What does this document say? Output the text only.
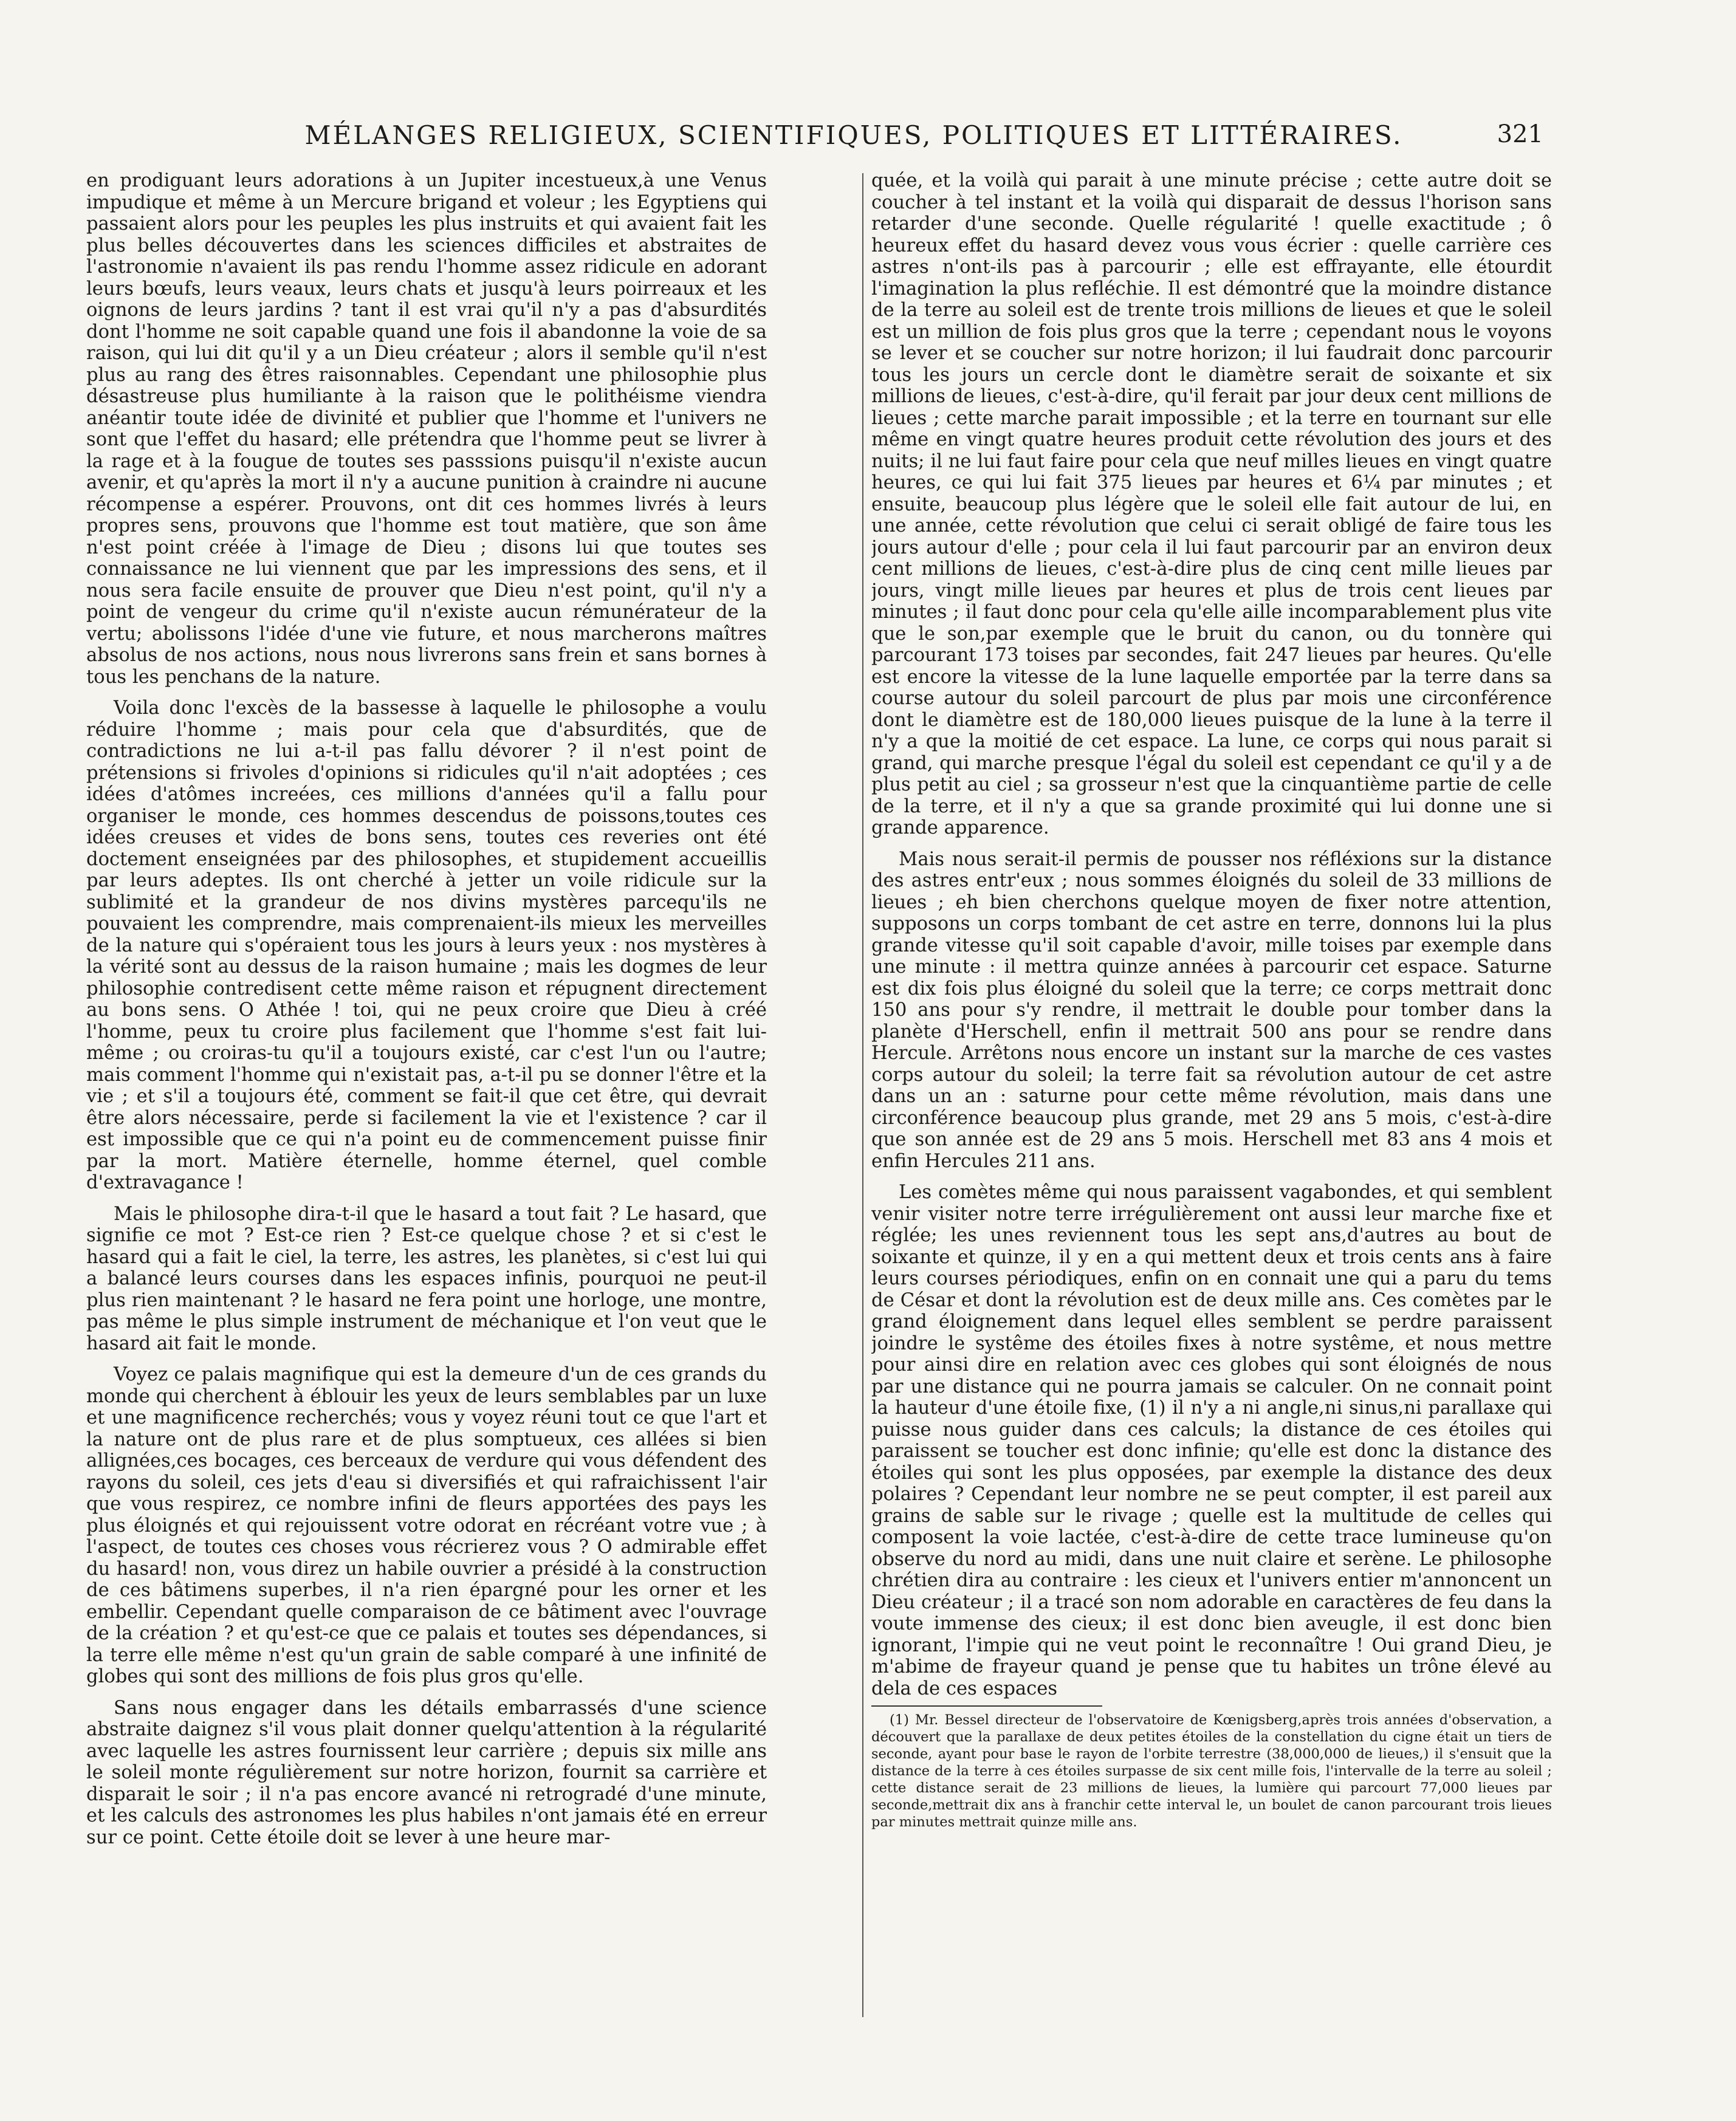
MÉLANGES RELIGIEUX, SCIENTIFIQUES, POLITIQUES ET LITTÉRAIRES.	321

en prodiguant leurs adorations à un Jupiter incestueux,à une Venus impudique et même à un Mercure brigand et voleur ; les Egyptiens qui passaient alors pour les peuples les plus instruits et qui avaient fait les plus belles découvertes dans les sciences difficiles et abstraites de l'astronomie n'avaient ils pas rendu l'homme assez ridicule en adorant leurs bœufs, leurs veaux, leurs chats et jusqu'à leurs poirreaux et les oignons de leurs jardins ? tant il est vrai qu'il n'y a pas d'absurdités dont l'homme ne soit capable quand une fois il abandonne la voie de sa raison, qui lui dit qu'il y a un Dieu créateur ; alors il semble qu'il n'est plus au rang des êtres raisonnables. Cependant une philosophie plus désastreuse plus humiliante à la raison que le polithéisme viendra anéantir toute idée de divinité et publier que l'homme et l'univers ne sont que l'effet du hasard; elle prétendra que l'homme peut se livrer à la rage et à la fougue de toutes ses passsions puisqu'il n'existe aucun avenir, et qu'après la mort il n'y a aucune punition à craindre ni aucune récompense a espérer. Prouvons, ont dit ces hommes livrés à leurs propres sens, prouvons que l'homme est tout matière, que son âme n'est point créée à l'image de Dieu ; disons lui que toutes ses connaissance ne lui viennent que par les impressions des sens, et il nous sera facile ensuite de prouver que Dieu n'est point, qu'il n'y a point de vengeur du crime qu'il n'existe aucun rémunérateur de la vertu; abolissons l'idée d'une vie future, et nous marcherons maîtres absolus de nos actions, nous nous livrerons sans frein et sans bornes à tous les penchans de la nature.

Voila donc l'excès de la bassesse à laquelle le philosophe a voulu réduire l'homme ; mais pour cela que d'absurdités, que de contradictions ne lui a-t-il pas fallu dévorer ? il n'est point de prétensions si frivoles d'opinions si ridicules qu'il n'ait adoptées ; ces idées d'atômes increées, ces millions d'années qu'il a fallu pour organiser le monde, ces hommes descendus de poissons,toutes ces idées creuses et vides de bons sens, toutes ces reveries ont été doctement enseignées par des philosophes, et stupidement accueillis par leurs adeptes. Ils ont cherché à jetter un voile ridicule sur la sublimité et la grandeur de nos divins mystères parcequ'ils ne pouvaient les comprendre, mais comprenaient-ils mieux les merveilles de la nature qui s'opéraient tous les jours à leurs yeux : nos mystères à la vérité sont au dessus de la raison humaine ; mais les dogmes de leur philosophie contredisent cette même raison et répugnent directement au bons sens. O Athée ! toi, qui ne peux croire que Dieu à créé l'homme, peux tu croire plus facilement que l'homme s'est fait lui-même ; ou croiras-tu qu'il a toujours existé, car c'est l'un ou l'autre; mais comment l'homme qui n'existait pas, a-t-il pu se donner l'être et la vie ; et s'il a toujours été, comment se fait-il que cet être, qui devrait être alors nécessaire, perde si facilement la vie et l'existence ? car il est impossible que ce qui n'a point eu de commencement puisse finir par la mort. Matière éternelle, homme éternel, quel comble d'extravagance !

Mais le philosophe dira-t-il que le hasard a tout fait ? Le hasard, que signifie ce mot ? Est-ce rien ? Est-ce quelque chose ? et si c'est le hasard qui a fait le ciel, la terre, les astres, les planètes, si c'est lui qui a balancé leurs courses dans les espaces infinis, pourquoi ne peut-il plus rien maintenant ? le hasard ne fera point une horloge, une montre, pas même le plus simple instrument de méchanique et l'on veut que le hasard ait fait le monde.

Voyez ce palais magnifique qui est la demeure d'un de ces grands du monde qui cherchent à éblouir les yeux de leurs semblables par un luxe et une magnificence recherchés; vous y voyez réuni tout ce que l'art et la nature ont de plus rare et de plus somptueux, ces allées si bien allignées,ces bocages, ces berceaux de verdure qui vous défendent des rayons du soleil, ces jets d'eau si diversifiés et qui rafraichissent l'air que vous respirez, ce nombre infini de fleurs apportées des pays les plus éloignés et qui rejouissent votre odorat en récréant votre vue ; à l'aspect, de toutes ces choses vous récrierez vous ? O admirable effet du hasard! non, vous direz un habile ouvrier a présidé à la construction de ces bâtimens superbes, il n'a rien épargné pour les orner et les embellir. Cependant quelle comparaison de ce bâtiment avec l'ouvrage de la création ? et qu'est-ce que ce palais et toutes ses dépendances, si la terre elle même n'est qu'un grain de sable comparé à une infinité de globes qui sont des millions de fois plus gros qu'elle.

Sans nous engager dans les détails embarrassés d'une science abstraite daignez s'il vous plait donner quelqu'attention à la régularité avec laquelle les astres fournissent leur carrière ; depuis six mille ans le soleil monte régulièrement sur notre horizon, fournit sa carrière et disparait le soir ; il n'a pas encore avancé ni retrogradé d'une minute, et les calculs des astronomes les plus habiles n'ont jamais été en erreur sur ce point. Cette étoile doit se lever à une heure mar-

quée, et la voilà qui parait à une minute précise ; cette autre doit se coucher à tel instant et la voilà qui disparait de dessus l'horison sans retarder d'une seconde. Quelle régularité ! quelle exactitude ; ô heureux effet du hasard devez vous vous écrier : quelle carrière ces astres n'ont-ils pas à parcourir ; elle est effrayante, elle étourdit l'imagination la plus refléchie. Il est démontré que la moindre distance de la terre au soleil est de trente trois millions de lieues et que le soleil est un million de fois plus gros que la terre ; cependant nous le voyons se lever et se coucher sur notre horizon; il lui faudrait donc parcourir tous les jours un cercle dont le diamètre serait de soixante et six millions de lieues, c'est-à-dire, qu'il ferait par jour deux cent millions de lieues ; cette marche parait impossible ; et la terre en tournant sur elle même en vingt quatre heures produit cette révolution des jours et des nuits; il ne lui faut faire pour cela que neuf milles lieues en vingt quatre heures, ce qui lui fait 375 lieues par heures et 6¼ par minutes ; et ensuite, beaucoup plus légère que le soleil elle fait autour de lui, en une année, cette révolution que celui ci serait obligé de faire tous les jours autour d'elle ; pour cela il lui faut parcourir par an environ deux cent millions de lieues, c'est-à-dire plus de cinq cent mille lieues par jours, vingt mille lieues par heures et plus de trois cent lieues par minutes ; il faut donc pour cela qu'elle aille incomparablement plus vite que le son,par exemple que le bruit du canon, ou du tonnère qui parcourant 173 toises par secondes, fait 247 lieues par heures. Qu'elle est encore la vitesse de la lune laquelle emportée par la terre dans sa course autour du soleil parcourt de plus par mois une circonférence dont le diamètre est de 180,000 lieues puisque de la lune à la terre il n'y a que la moitié de cet espace. La lune, ce corps qui nous parait si grand, qui marche presque l'égal du soleil est cependant ce qu'il y a de plus petit au ciel ; sa grosseur n'est que la cinquantième partie de celle de la terre, et il n'y a que sa grande proximité qui lui donne une si grande apparence.

Mais nous serait-il permis de pousser nos réfléxions sur la distance des astres entr'eux ; nous sommes éloignés du soleil de 33 millions de lieues ; eh bien cherchons quelque moyen de fixer notre attention, supposons un corps tombant de cet astre en terre, donnons lui la plus grande vitesse qu'il soit capable d'avoir, mille toises par exemple dans une minute : il mettra quinze années à parcourir cet espace. Saturne est dix fois plus éloigné du soleil que la terre; ce corps mettrait donc 150 ans pour s'y rendre, il mettrait le double pour tomber dans la planète d'Herschell, enfin il mettrait 500 ans pour se rendre dans Hercule. Arrêtons nous encore un instant sur la marche de ces vastes corps autour du soleil; la terre fait sa révolution autour de cet astre dans un an : saturne pour cette même révolution, mais dans une circonférence beaucoup plus grande, met 29 ans 5 mois, c'est-à-dire que son année est de 29 ans 5 mois. Herschell met 83 ans 4 mois et enfin Hercules 211 ans.

Les comètes même qui nous paraissent vagabondes, et qui semblent venir visiter notre terre irrégulièrement ont aussi leur marche fixe et réglée; les unes reviennent tous les sept ans,d'autres au bout de soixante et quinze, il y en a qui mettent deux et trois cents ans à faire leurs courses périodiques, enfin on en connait une qui a paru du tems de César et dont la révolution est de deux mille ans. Ces comètes par le grand éloignement dans lequel elles semblent se perdre paraissent joindre le systême des étoiles fixes à notre systême, et nous mettre pour ainsi dire en relation avec ces globes qui sont éloignés de nous par une distance qui ne pourra jamais se calculer. On ne connait point la hauteur d'une étoile fixe, (1) il n'y a ni angle,ni sinus,ni parallaxe qui puisse nous guider dans ces calculs; la distance de ces étoiles qui paraissent se toucher est donc infinie; qu'elle est donc la distance des étoiles qui sont les plus opposées, par exemple la distance des deux polaires ? Cependant leur nombre ne se peut compter, il est pareil aux grains de sable sur le rivage ; quelle est la multitude de celles qui composent la voie lactée, c'est-à-dire de cette trace lumineuse qu'on observe du nord au midi, dans une nuit claire et serène. Le philosophe chrétien dira au contraire : les cieux et l'univers entier m'annoncent un Dieu créateur ; il a tracé son nom adorable en caractères de feu dans la voute immense des cieux; il est donc bien aveugle, il est donc bien ignorant, l'impie qui ne veut point le reconnaître ! Oui grand Dieu, je m'abime de frayeur quand je pense que tu habites un trône élevé au dela de ces espaces

(1) Mr. Bessel directeur de l'observatoire de Kœnigsberg,après trois années d'observation, a découvert que la parallaxe de deux petites étoiles de la constellation du cigne était un tiers de seconde, ayant pour base le rayon de l'orbite terrestre (38,000,000 de lieues,) il s'ensuit que la distance de la terre à ces étoiles surpasse de six cent mille fois, l'intervalle de la terre au soleil ; cette distance serait de 23 millions de lieues, la lumière qui parcourt 77,000 lieues par seconde,mettrait dix ans à franchir cette interval le, un boulet de canon parcourant trois lieues par minutes mettrait quinze mille ans.
